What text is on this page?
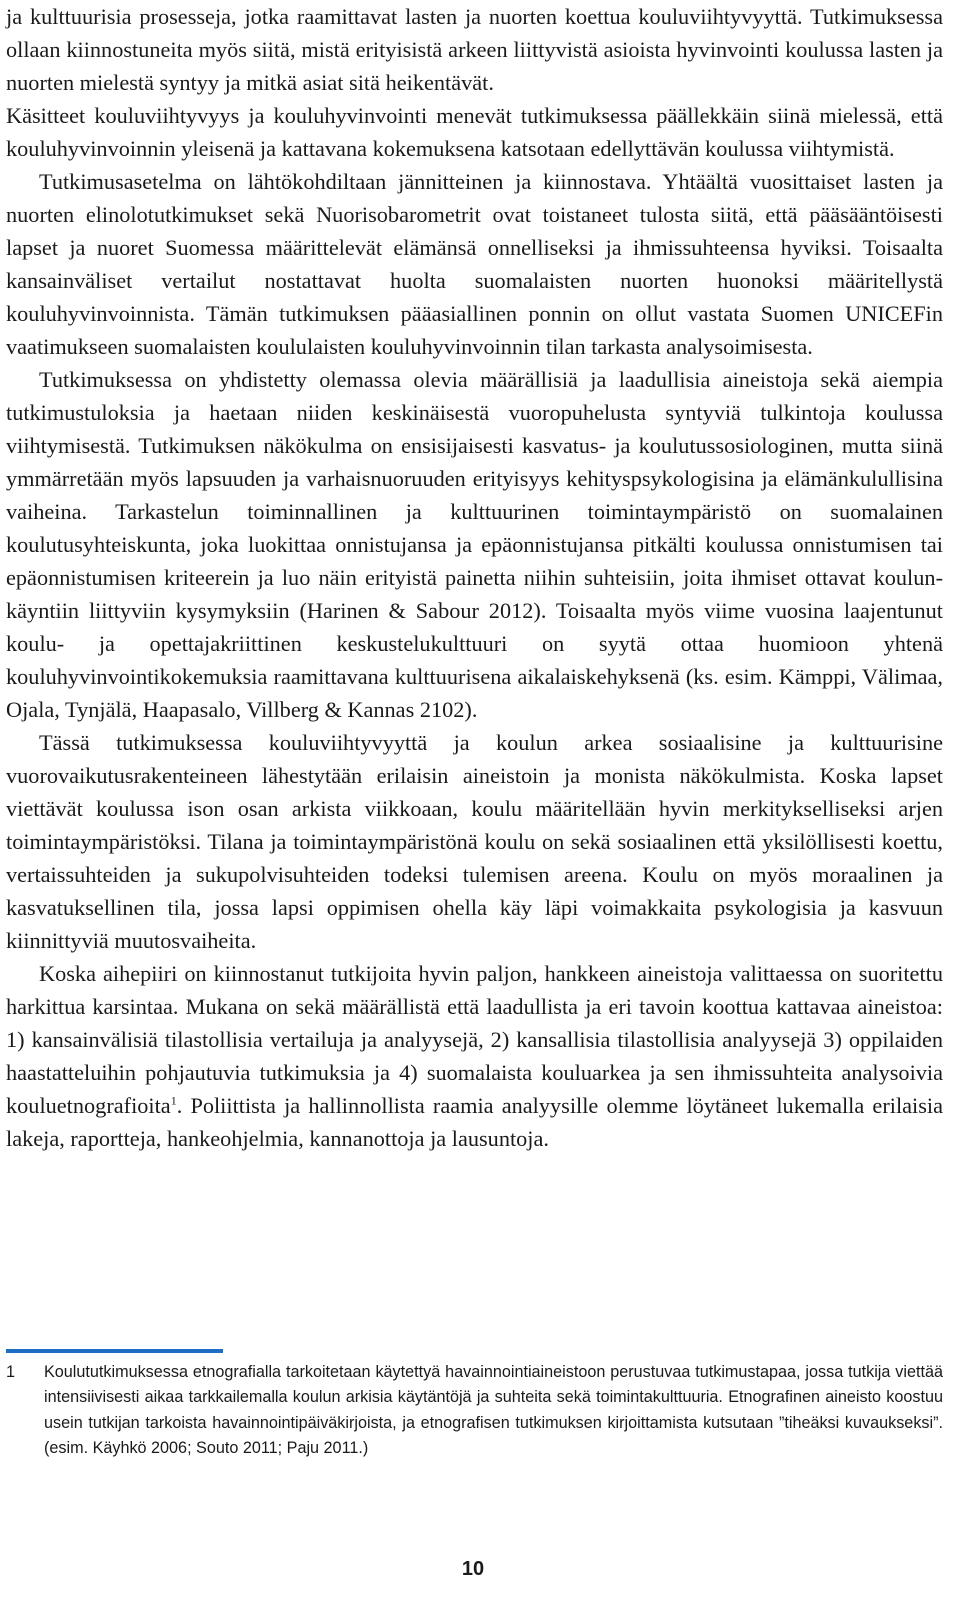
ja kulttuurisia prosesseja, jotka raamittavat lasten ja nuorten koettua kouluviihtyvyyttä. Tutkimuksessa ollaan kiinnostuneita myös siitä, mistä erityisistä arkeen liittyvistä asioista hyvinvointi koulussa lasten ja nuorten mielestä syntyy ja mitkä asiat sitä heikentävät.

Käsitteet kouluviihtyvyys ja kouluhyvinvointi menevät tutkimuksessa päällekkäin siinä mielessä, että kouluhyvinvoinnin yleisenä ja kattavana kokemuksena katsotaan edellyttävän koulussa viihtymistä.

Tutkimusasetelma on lähtökohdiltaan jännitteinen ja kiinnostava. Yhtäältä vuosittaiset lasten ja nuorten elinolotutkimukset sekä Nuorisobarometrit ovat toistaneet tulosta siitä, että pääsääntöisesti lapset ja nuoret Suomessa määrittelevät elämänsä onnelliseksi ja ihmissuhteensa hyviksi. Toisaalta kansainväliset vertailut nostattavat huolta suomalaisten nuorten huonoksi määritellystä kouluhyvinvoinnista. Tämän tutkimuksen pääasiallinen ponnin on ollut vastata Suomen UNICEFin vaatimukseen suomalaisten koululaisten kouluhyvinvoinnin tilan tarkasta analysoimisesta.

Tutkimuksessa on yhdistetty olemassa olevia määrällisiä ja laadullisia aineistoja sekä aiempia tutkimustuloksia ja haetaan niiden keskinäisestä vuoropuhelusta syntyviä tulkintoja koulussa viihtymisestä. Tutkimuksen näkökulma on ensisijaisesti kasvatus- ja koulutussosiologinen, mutta siinä ymmärretään myös lapsuuden ja varhaisnuoruuden erityisyys kehityspsykologisina ja elämänkulullisina vaiheina. Tarkastelun toiminnallinen ja kulttuurinen toimintaympäristö on suomalainen koulutusyhteiskunta, joka luokittaa onnistujansa ja epäonnistujansa pitkälti koulussa onnistumisen tai epäonnistumisen kriteerein ja luo näin erityistä painetta niihin suhteisiin, joita ihmiset ottavat koulunkäyntiin liittyviin kysymyksiin (Harinen & Sabour 2012). Toisaalta myös viime vuosina laajentunut koulu- ja opettajakriittinen keskustelukulttuuri on syytä ottaa huomioon yhtenä kouluhyvinvointikokemuksia raamittavana kulttuurisena aikalaiskehyksenä (ks. esim. Kämppi, Välimaa, Ojala, Tynjälä, Haapasalo, Villberg & Kannas 2102).

Tässä tutkimuksessa kouluviihtyvyyttä ja koulun arkea sosiaalisine ja kulttuurisine vuorovaikutusrakenteineen lähestytään erilaisin aineistoin ja monista näkökulmista. Koska lapset viettävät koulussa ison osan arkista viikkoaan, koulu määritellään hyvin merkitykselliseksi arjen toimintaympäristöksi. Tilana ja toimintaympäristönä koulu on sekä sosiaalinen että yksilöllisesti koettu, vertaissuhteiden ja sukupolvisuhteiden todeksi tulemisen areena. Koulu on myös moraalinen ja kasvatuksellinen tila, jossa lapsi oppimisen ohella käy läpi voimakkaita psykologisia ja kasvuun kiinnittyviä muutosvaiheita.

Koska aihepiiri on kiinnostanut tutkijoita hyvin paljon, hankkeen aineistoja valittaessa on suoritettu harkittua karsintaa. Mukana on sekä määrällistä että laadullista ja eri tavoin koottua kattavaa aineistoa: 1) kansainvälisiä tilastollisia vertailuja ja analyysejä, 2) kansallisia tilastollisia analyysejä 3) oppilaiden haastatteluihin pohjautuvia tutkimuksia ja 4) suomalaista kouluarkea ja sen ihmissuhteita analysoivia kouluetnografioita$^1$. Poliittista ja hallinnollista raamia analyysille olemme löytäneet lukemalla erilaisia lakeja, raportteja, hankeohjelmia, kannanottoja ja lausuntoja.

1 Koulututkimuksessa etnografialla tarkoitetaan käytettyä havainnointiaineistoon perustuvaa tutkimustapaa, jossa tutkija viettää intensiivisesti aikaa tarkkailemalla koulun arkisia käytäntöjä ja suhteita sekä toimintakulttuuria. Etnografinen aineisto koostuu usein tutkijan tarkoista havainnointipäiväkirjoista, ja etnografisen tutkimuksen kirjoittamista kutsutaan ”tiheäksi kuvaukseksi”. (esim. Käyhkö 2006; Souto 2011; Paju 2011.)
10
